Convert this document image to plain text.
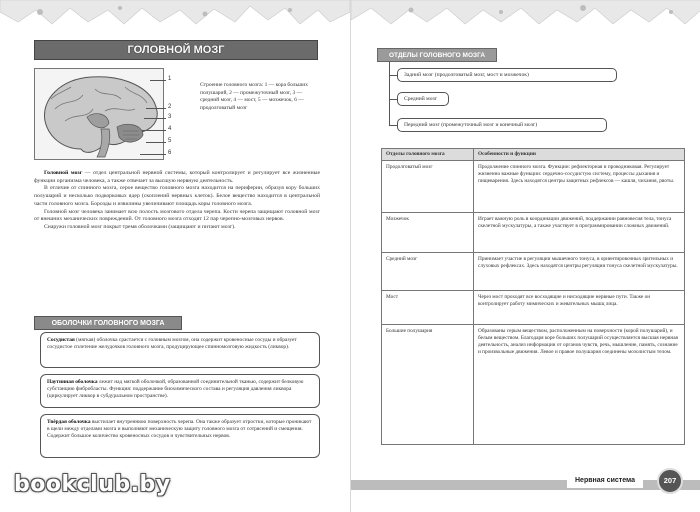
ГОЛОВНОЙ МОЗГ
1
2
3
4
5
6
Строение головного мозга: 1 — кора больших полушарий, 2 — промежуточный мозг, 3 — средний мозг, 4 — мост, 5 — мозжечок, 6 — продолговатый мозг

Головной мозг — отдел центральной нервной системы, который контролирует и регулирует все жизненные функции организма человека, а также отвечает за высшую нервную деятельность.

В отличие от спинного мозга, серое вещество головного мозга находится на периферии, образуя кору больших полушарий и несколько подкорковых ядер (скоплений нервных клеток). Белое вещество находится в центральной части головного мозга. Борозды и извилины увеличивают площадь коры головного мозга.

Головной мозг человека занимает всю полость мозгового отдела черепа. Кости черепа защищают головной мозг от внешних механических повреждений. От головного мозга отходят 12 пар черепно-мозговых нервов.

Снаружи головной мозг покрыт тремя оболочками (защищают и питают мозг).

ОБОЛОЧКИ ГОЛОВНОГО МОЗГА
Сосудистая (мягкая) оболочка срастается с головным мозгом, она содержит кровеносные сосуды и образует сосудистое сплетение желудочков головного мозга, продуцирующее спинномозговую жидкость (ликвор).
Паутинная оболочка лежит над мягкой оболочкой, образованной соединительной тканью, содержит белковую субстанцию фибробласты. Функция: поддержание биохимического состава и регуляция давления ликвора (циркулирует ликвор в субдуральном пространстве).
Твёрдая оболочка выстилает внутреннюю поверхность черепа. Она также образует отростки, которые проникают в щели между отделами мозга и выполняют механическую защиту головного мозга от сотрясений и смещения. Содержит большое количество кровеносных сосудов и чувствительных нервов.
bookclub.by
ОТДЕЛЫ ГОЛОВНОГО МОЗГА
Задний мозг (продолговатый мозг, мост и мозжечок)
Средний мозг
Передний мозг (промежуточный мозг и конечный мозг)
Отделы головного мозга	Особенности и функции
Продолговатый мозг	Продолжение спинного мозга. Функции: рефлекторная и проводниковая. Регулирует жизненно важные функции: сердечно-сосудистую систему, процессы дыхания и пищеварения. Здесь находятся центры защитных рефлексов — кашля, чихания, рвоты.
Мозжечок	Играет важную роль в координации движений, поддержании равновесия тела, тонуса скелетной мускулатуры, а также участвует в программировании сложных движений.
Средний мозг	Принимает участие в регуляции мышечного тонуса, в ориентировочных зрительных и слуховых рефлексах. Здесь находятся центры регуляции тонуса скелетной мускулатуры.
Мост	Через мост проходят все восходящие и нисходящие нервные пути. Также он контролирует работу мимических и жевательных мышц лица.
Большие полушария	Образованы серым веществом, расположенным на поверхности (корой полушарий), и белым веществом. Благодаря коре больших полушарий осуществляется высшая нервная деятельность, анализ информации от органов чувств, речь, мышление, память, сознание и произвольные движения. Левое и правое полушария соединены мозолистым телом.
Нервная система	207
